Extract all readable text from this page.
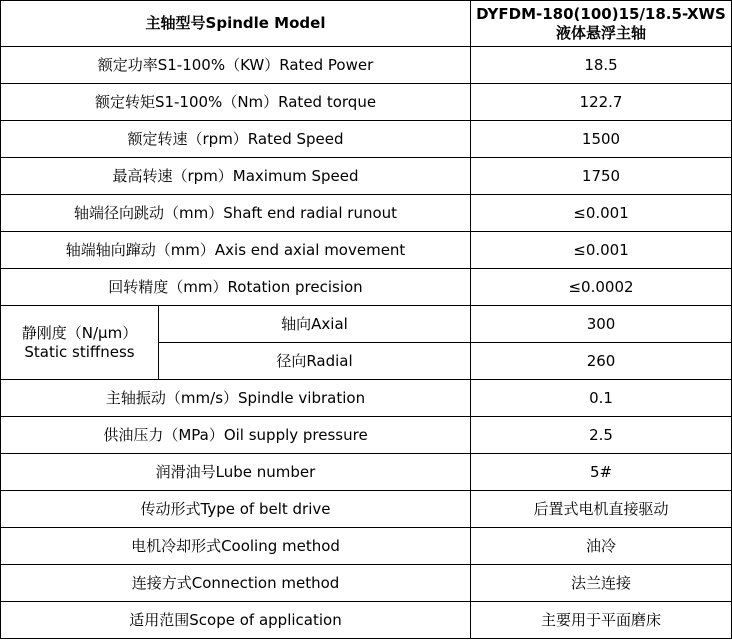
主轴型号Spindle Model		DYFDM-180(100)15/18.5-XWS
液体悬浮主轴

额定功率S1-100%（KW）Rated Power		18.5
额定转矩S1-100%（Nm）Rated torque		122.7
额定转速（rpm）Rated Speed		1500
最高转速（rpm）Maximum Speed		1750
轴端径向跳动（mm）Shaft end radial runout		≤0.001
轴端轴向蹿动（mm）Axis end axial movement		≤0.001
回转精度（mm）Rotation precision		≤0.0002

静刚度（N/μm）
Static stiffness	轴向Axial	300
	径向Radial	260
主轴振动（mm/s）Spindle vibration		0.1
供油压力（MPa）Oil supply pressure		2.5
润滑油号Lube number		5#
传动形式Type of belt drive		后置式电机直接驱动
电机冷却形式Cooling method		油冷
连接方式Connection method		法兰连接
适用范围Scope of application		主要用于平面磨床
